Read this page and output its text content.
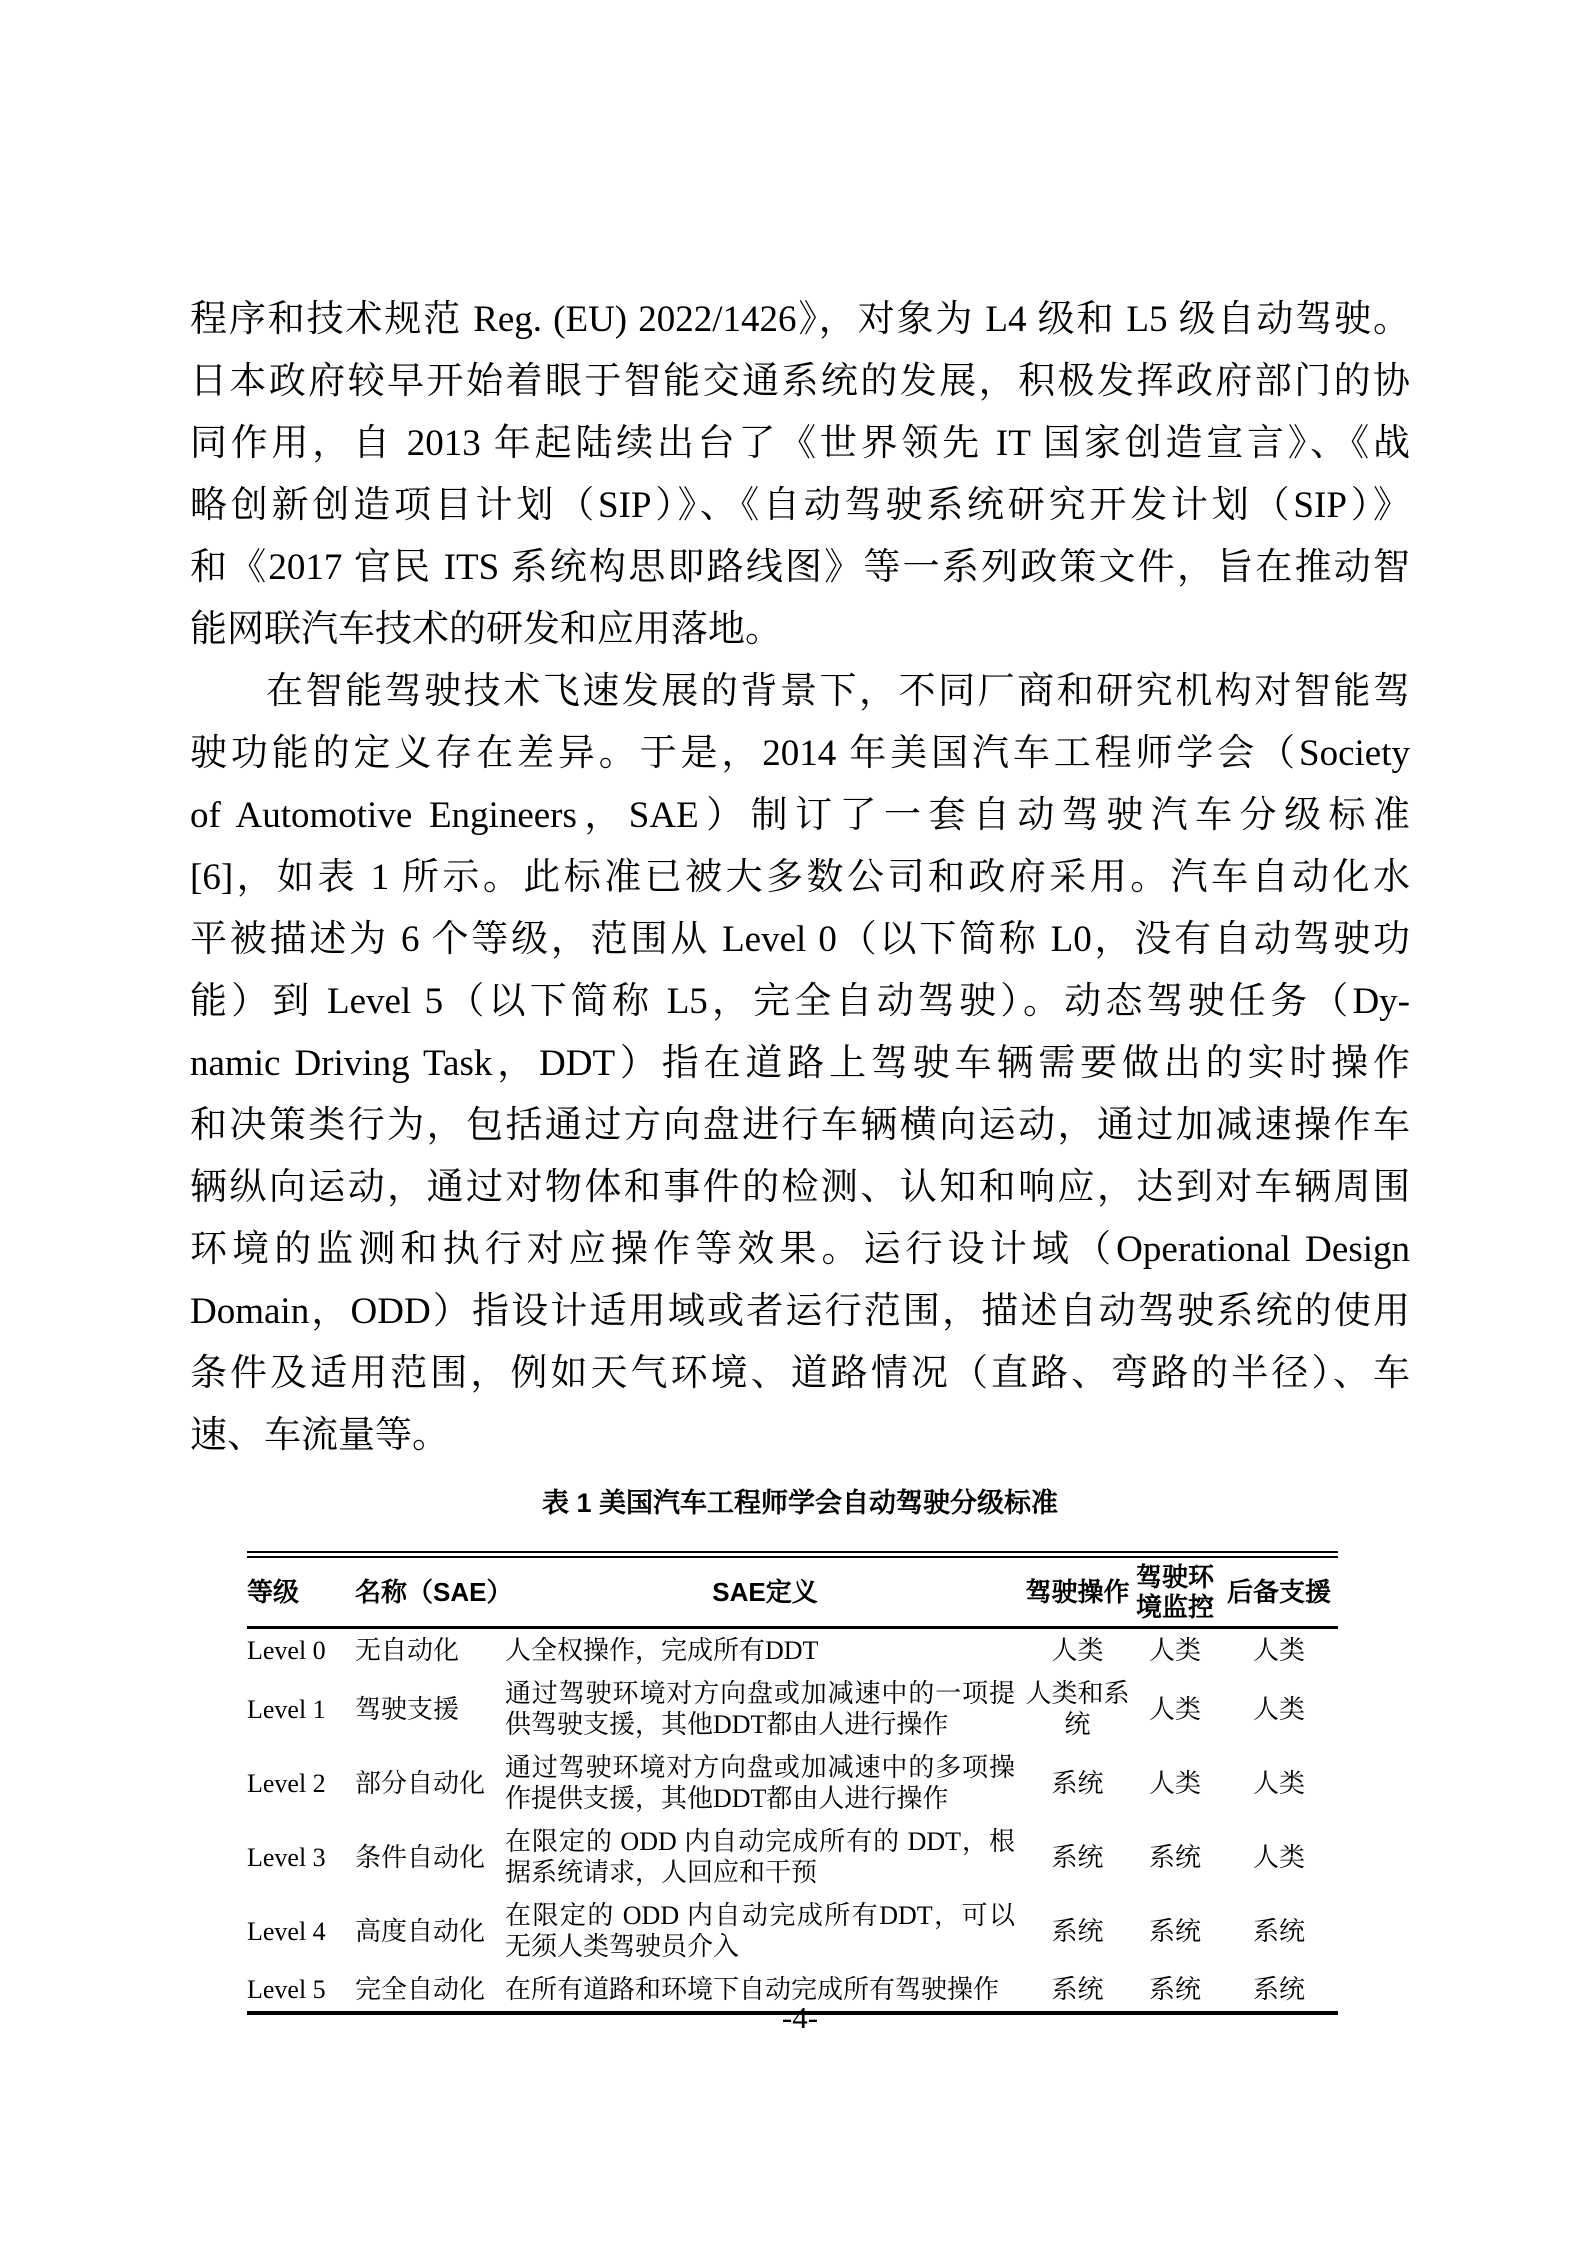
程序和技术规范 Reg. (EU) 2022/1426》，对象为 L4 级和 L5 级自动驾驶。
日本政府较早开始着眼于智能交通系统的发展，积极发挥政府部门的协
同作用，自 2013 年起陆续出台了《世界领先 IT 国家创造宣言》、《战
略创新创造项目计划（SIP）》、《自动驾驶系统研究开发计划（SIP）》
和《2017 官民 ITS 系统构思即路线图》等一系列政策文件，旨在推动智
能网联汽车技术的研发和应用落地。
在智能驾驶技术飞速发展的背景下，不同厂商和研究机构对智能驾
驶功能的定义存在差异。于是，2014 年美国汽车工程师学会（Society
of Automotive Engineers，SAE）制订了一套自动驾驶汽车分级标准
[6]，如表 1 所示。此标准已被大多数公司和政府采用。汽车自动化水
平被描述为 6 个等级，范围从 Level 0（以下简称 L0，没有自动驾驶功
能）到 Level 5（以下简称 L5，完全自动驾驶）。动态驾驶任务（Dy-
namic Driving Task，DDT）指在道路上驾驶车辆需要做出的实时操作
和决策类行为，包括通过方向盘进行车辆横向运动，通过加减速操作车
辆纵向运动，通过对物体和事件的检测、认知和响应，达到对车辆周围
环境的监测和执行对应操作等效果。运行设计域（Operational Design
Domain，ODD）指设计适用域或者运行范围，描述自动驾驶系统的使用
条件及适用范围，例如天气环境、道路情况（直路、弯路的半径）、车
速、车流量等。
表 1 美国汽车工程师学会自动驾驶分级标准
等级	名称（SAE）	SAE定义	驾驶操作	驾驶环境监控	后备支援
Level 0	无自动化	人全权操作，完成所有DDT	人类	人类	人类
Level 1	驾驶支援	通过驾驶环境对方向盘或加减速中的一项提供驾驶支援，其他DDT都由人进行操作	人类和系统	人类	人类
Level 2	部分自动化	通过驾驶环境对方向盘或加减速中的多项操作提供支援，其他DDT都由人进行操作	系统	人类	人类
Level 3	条件自动化	在限定的 ODD 内自动完成所有的 DDT，根据系统请求，人回应和干预	系统	系统	人类
Level 4	高度自动化	在限定的 ODD 内自动完成所有DDT，可以无须人类驾驶员介入	系统	系统	系统
Level 5	完全自动化	在所有道路和环境下自动完成所有驾驶操作	系统	系统	系统
-4-
